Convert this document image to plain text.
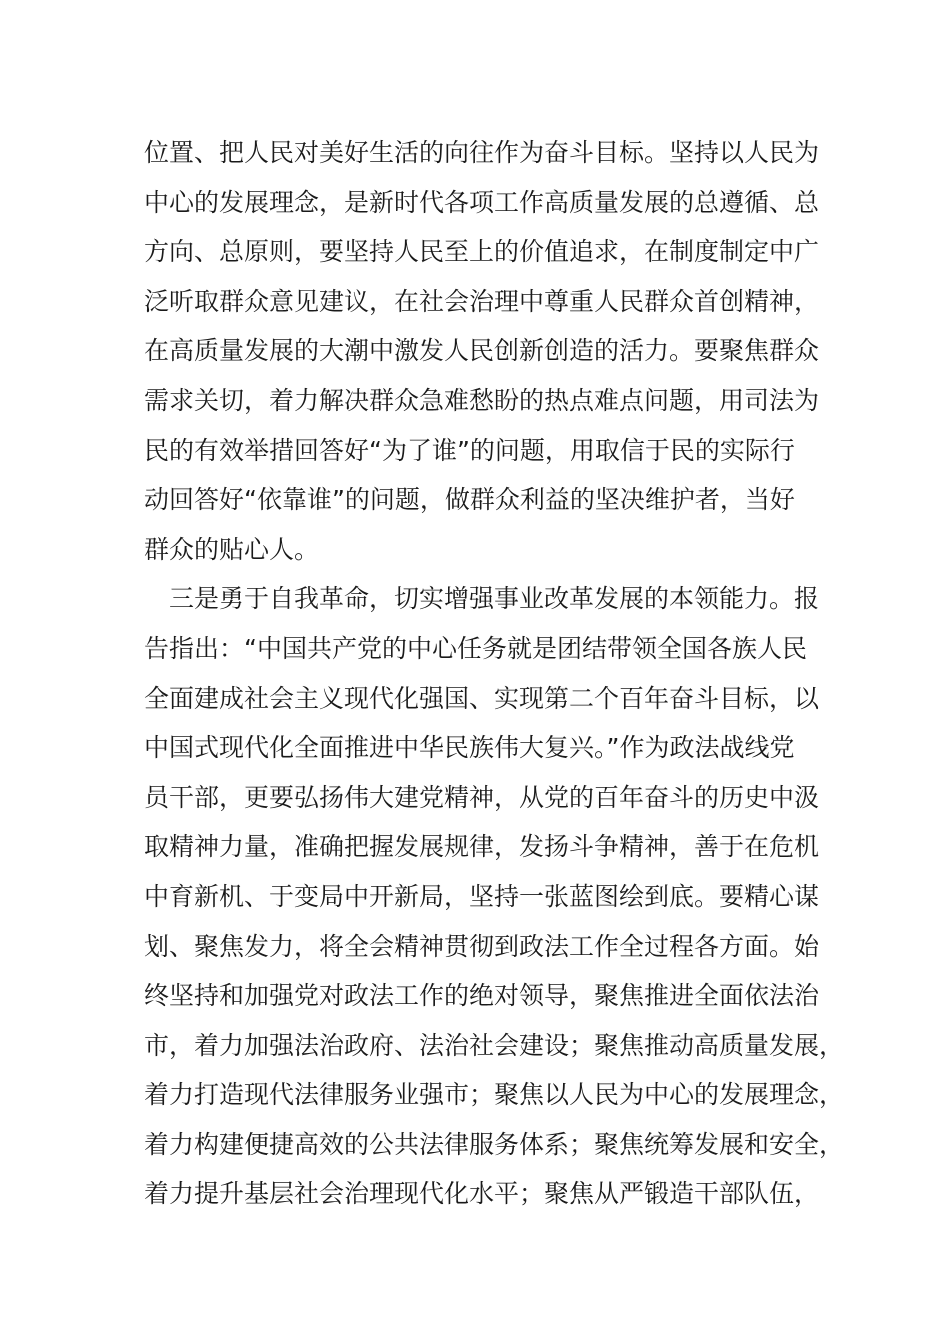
位置、把人民对美好生活的向往作为奋斗目标。坚持以人民为
中心的发展理念，是新时代各项工作高质量发展的总遵循、总
方向、总原则，要坚持人民至上的价值追求，在制度制定中广
泛听取群众意见建议，在社会治理中尊重人民群众首创精神，
在高质量发展的大潮中激发人民创新创造的活力。要聚焦群众
需求关切，着力解决群众急难愁盼的热点难点问题，用司法为
民的有效举措回答好“为了谁”的问题，用取信于民的实际行
动回答好“依靠谁”的问题，做群众利益的坚决维护者，当好
群众的贴心人。
　三是勇于自我革命，切实增强事业改革发展的本领能力。报
告指出：“中国共产党的中心任务就是团结带领全国各族人民
全面建成社会主义现代化强国、实现第二个百年奋斗目标，以
中国式现代化全面推进中华民族伟大复兴。”作为政法战线党
员干部，更要弘扬伟大建党精神，从党的百年奋斗的历史中汲
取精神力量，准确把握发展规律，发扬斗争精神，善于在危机
中育新机、于变局中开新局，坚持一张蓝图绘到底。要精心谋
划、聚焦发力，将全会精神贯彻到政法工作全过程各方面。始
终坚持和加强党对政法工作的绝对领导，聚焦推进全面依法治
市，着力加强法治政府、法治社会建设；聚焦推动高质量发展，
着力打造现代法律服务业强市；聚焦以人民为中心的发展理念，
着力构建便捷高效的公共法律服务体系；聚焦统筹发展和安全，
着力提升基层社会治理现代化水平；聚焦从严锻造干部队伍，
